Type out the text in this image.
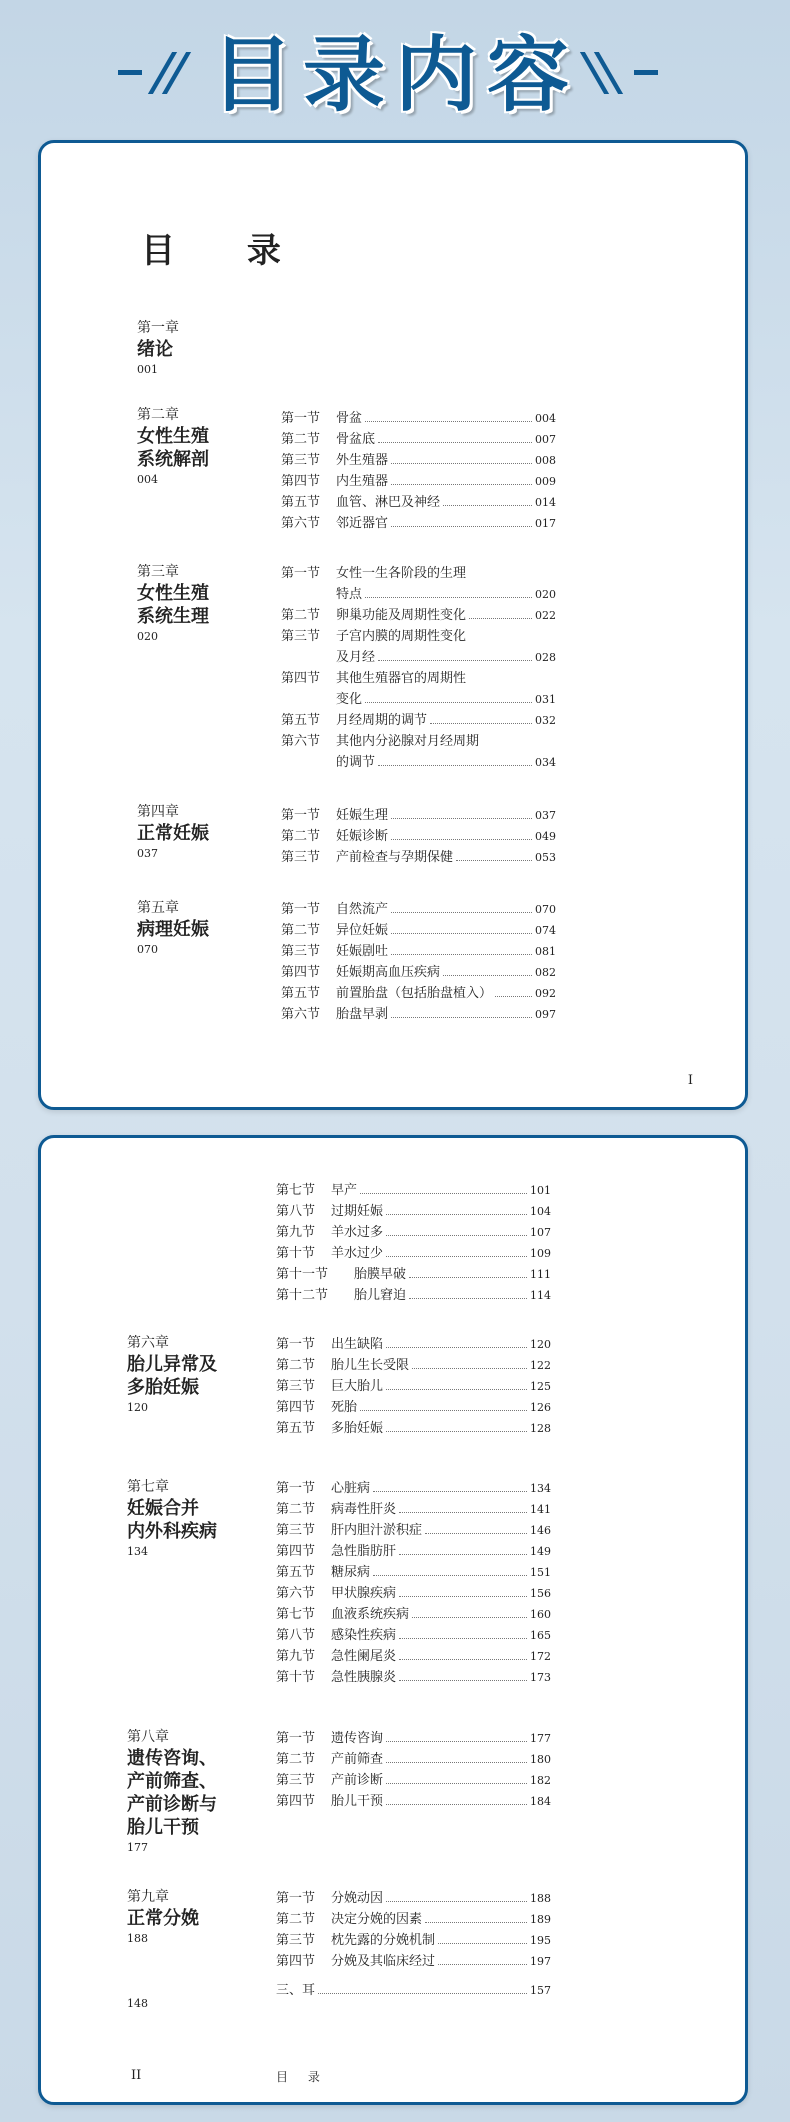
目录内容
目 录
第一章
绪论
001
第二章
女性生殖
系统解剖
004
第一节 骨盆	004
第二节 骨盆底	007
第三节 外生殖器	008
第四节 内生殖器	009
第五节 血管、淋巴及神经	014
第六节 邻近器官	017
第三章
女性生殖
系统生理
020
第一节 女性一生各阶段的生理
特点	020
第二节 卵巢功能及周期性变化	022
第三节 子宫内膜的周期性变化
及月经	028
第四节 其他生殖器官的周期性
变化	031
第五节 月经周期的调节	032
第六节 其他内分泌腺对月经周期
的调节	034
第四章
正常妊娠
037
第一节 妊娠生理	037
第二节 妊娠诊断	049
第三节 产前检查与孕期保健	053
第五章
病理妊娠
070
第一节 自然流产	070
第二节 异位妊娠	074
第三节 妊娠剧吐	081
第四节 妊娠期高血压疾病	082
第五节 前置胎盘（包括胎盘植入）	092
第六节 胎盘早剥	097
I
第七节 早产	101
第八节 过期妊娠	104
第九节 羊水过多	107
第十节 羊水过少	109
第十一节 胎膜早破	111
第十二节 胎儿窘迫	114
第六章
胎儿异常及
多胎妊娠
120
第一节 出生缺陷	120
第二节 胎儿生长受限	122
第三节 巨大胎儿	125
第四节 死胎	126
第五节 多胎妊娠	128
第七章
妊娠合并
内外科疾病
134
第一节 心脏病	134
第二节 病毒性肝炎	141
第三节 肝内胆汁淤积症	146
第四节 急性脂肪肝	149
第五节 糖尿病	151
第六节 甲状腺疾病	156
第七节 血液系统疾病	160
第八节 感染性疾病	165
第九节 急性阑尾炎	172
第十节 急性胰腺炎	173
第八章
遗传咨询、
产前筛查、
产前诊断与
胎儿干预
177
第一节 遗传咨询	177
第二节 产前筛查	180
第三节 产前诊断	182
第四节 胎儿干预	184
第九章
正常分娩
188
第一节 分娩动因	188
第二节 决定分娩的因素	189
第三节 枕先露的分娩机制	195
第四节 分娩及其临床经过	197
148
三、耳	157
II	目 录
